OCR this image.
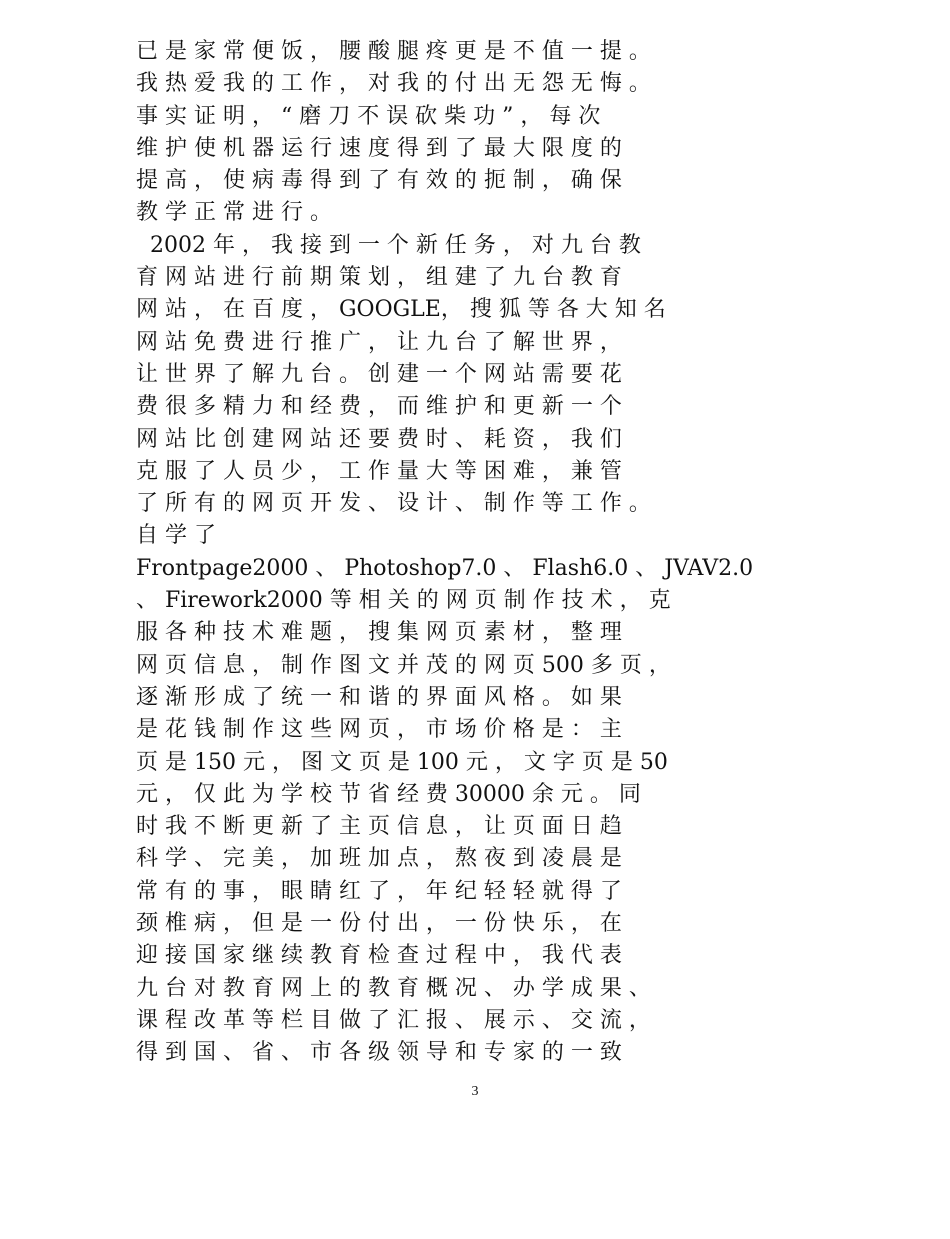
已 是 家 常 便 饭 ， 腰 酸 腿 疼 更 是 不 值 一 提 。
我 热 爱 我 的 工 作 ， 对 我 的 付 出 无 怨 无 悔 。
事 实 证 明 ， “ 磨 刀 不 误 砍 柴 功 ” ， 每 次
维 护 使 机 器 运 行 速 度 得 到 了 最 大 限 度 的
提 高 ， 使 病 毒 得 到 了 有 效 的 扼 制 ， 确 保
教 学 正 常 进 行 。
2002 年 ， 我 接 到 一 个 新 任 务 ， 对 九 台 教
育 网 站 进 行 前 期 策 划 ， 组 建 了 九 台 教 育
网 站 ， 在 百 度 ， GOOGLE， 搜 狐 等 各 大 知 名
网 站 免 费 进 行 推 广 ， 让 九 台 了 解 世 界 ，
让 世 界 了 解 九 台 。 创 建 一 个 网 站 需 要 花
费 很 多 精 力 和 经 费 ， 而 维 护 和 更 新 一 个
网 站 比 创 建 网 站 还 要 费 时 、 耗 资 ， 我 们
克 服 了 人 员 少 ， 工 作 量 大 等 困 难 ， 兼 管
了 所 有 的 网 页 开 发 、 设 计 、 制 作 等 工 作 。
自 学 了
Frontpage2000 、 Photoshop7.0 、 Flash6.0 、 JVAV2.0
、 Firework2000 等 相 关 的 网 页 制 作 技 术 ， 克
服 各 种 技 术 难 题 ， 搜 集 网 页 素 材 ， 整 理
网 页 信 息 ， 制 作 图 文 并 茂 的 网 页 500 多 页 ，
逐 渐 形 成 了 统 一 和 谐 的 界 面 风 格 。 如 果
是 花 钱 制 作 这 些 网 页 ， 市 场 价 格 是 ： 主
页 是 150 元 ， 图 文 页 是 100 元 ， 文 字 页 是 50
元 ， 仅 此 为 学 校 节 省 经 费 30000 余 元 。 同
时 我 不 断 更 新 了 主 页 信 息 ， 让 页 面 日 趋
科 学 、 完 美 ， 加 班 加 点 ， 熬 夜 到 凌 晨 是
常 有 的 事 ， 眼 睛 红 了 ， 年 纪 轻 轻 就 得 了
颈 椎 病 ， 但 是 一 份 付 出 ， 一 份 快 乐 ， 在
迎 接 国 家 继 续 教 育 检 查 过 程 中 ， 我 代 表
九 台 对 教 育 网 上 的 教 育 概 况 、 办 学 成 果 、
课 程 改 革 等 栏 目 做 了 汇 报 、 展 示 、 交 流 ，
得 到 国 、 省 、 市 各 级 领 导 和 专 家 的 一 致
3
